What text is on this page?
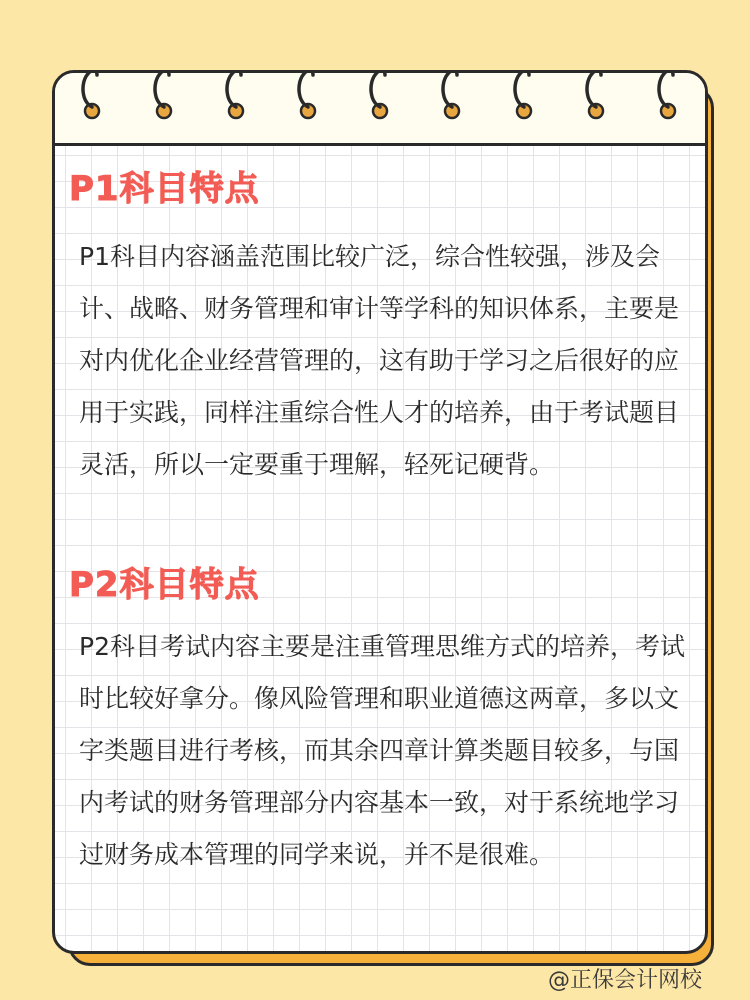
P1科目特点

P1科目内容涵盖范围比较广泛，综合性较强，涉及会计、战略、财务管理和审计等学科的知识体系，主要是对内优化企业经营管理的，这有助于学习之后很好的应用于实践，同样注重综合性人才的培养，由于考试题目灵活，所以一定要重于理解，轻死记硬背。

P2科目特点

P2科目考试内容主要是注重管理思维方式的培养，考试时比较好拿分。像风险管理和职业道德这两章，多以文字类题目进行考核，而其余四章计算类题目较多，与国内考试的财务管理部分内容基本一致，对于系统地学习过财务成本管理的同学来说，并不是很难。

@正保会计网校
